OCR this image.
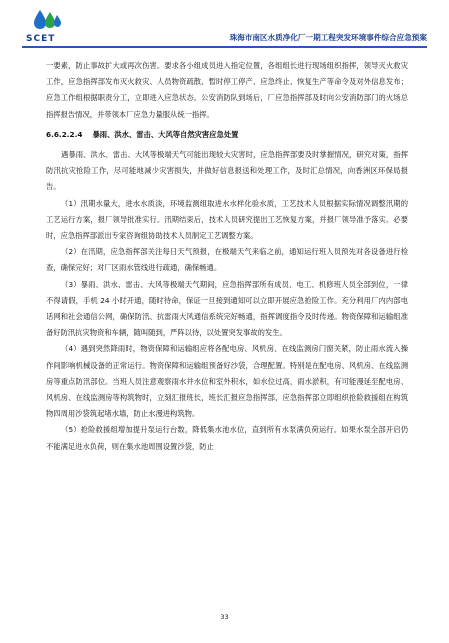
SCET	珠海市南区水质净化厂一期工程突发环境事件综合应急预案

一要素，防止事故扩大或再次伤害。要求各小组成员进入指定位置，各组组长进行现场组织指挥，领导灭火救灾工作，应急指挥部发布灭火救灾、人员物资疏散、暂时停工停产、应急终止、恢复生产等命令及对外信息发布；应急工作组根据职责分工，立即进入应急状态。公安消防队到场后，厂应急指挥部及时向公安消防部门的火场总指挥报告情况，并带领本厂应急力量服从统一指挥。

6.6.2.2.4 暴雨、洪水、雷击、大风等自然灾害应急处置

遇暴雨、洪水、雷击、大风等极端天气可能出现较大灾害时，应急指挥部要及时掌握情况，研究对策，指挥防汛抗灾抢险工作，尽可能地减少灾害损失，并做好信息报送和处理工作，及时汇总情况，向香洲区环保局报告。

（1）汛期水量大，进水水质淡，环境监测组取进水水样化验水质，工艺技术人员根据实际情况调整汛期的工艺运行方案，报厂领导批准实行。汛期结束后，技术人员研究提出工艺恢复方案，并报厂领导准予落实。必要时，应急指挥部派出专家咨询组协助技术人员制定工艺调整方案。

（2）在汛期，应急指挥部关注每日天气预报，在极端天气来临之前，通知运行班人员预先对各设备进行检查，确保完好；对厂区雨水管线进行疏通，确保畅通。

（3）暴雨、洪水、雷击、大风等极端天气期间，应急指挥部所有成员、电工、机修班人员全部到位，一律不得请假，手机 24 小时开通，随时待命，保证一旦接到通知可以立即开展应急抢险工作。充分利用厂内内部电话网和社会通信公网，确保防汛、抗雷雨大风通信系统完好畅通，指挥调度指令及时传递。物资保障和运输组准备好防汛抗灾物资和车辆，随叫随到，严阵以待，以处置突发事故的发生。

（4）遇到突然降雨时，物资保障和运输组应将各配电房、风机房、在线监测房门窗关紧，防止雨水流入操作间影响机械设备的正常运行。物资保障和运输组预备好沙袋，合理配置。特别是在配电房、风机房、在线监测房等重点防汛部位。当班人员注意观察雨水井水位和室外积水，如水位过高，雨水淤积，有可能漫延至配电房、风机房、在线监测房等构筑物时，立刻汇报班长，班长汇报应急指挥部，应急指挥部立即组织抢险救援组在构筑物四周用沙袋筑起堵水墙，防止水漫进构筑物。

（5）抢险救援组增加提升泵运行台数，降低集水池水位，直到所有水泵满负荷运行。如果水泵全部开启仍不能满足进水负荷，则在集水池周围设置沙袋，防止

33
